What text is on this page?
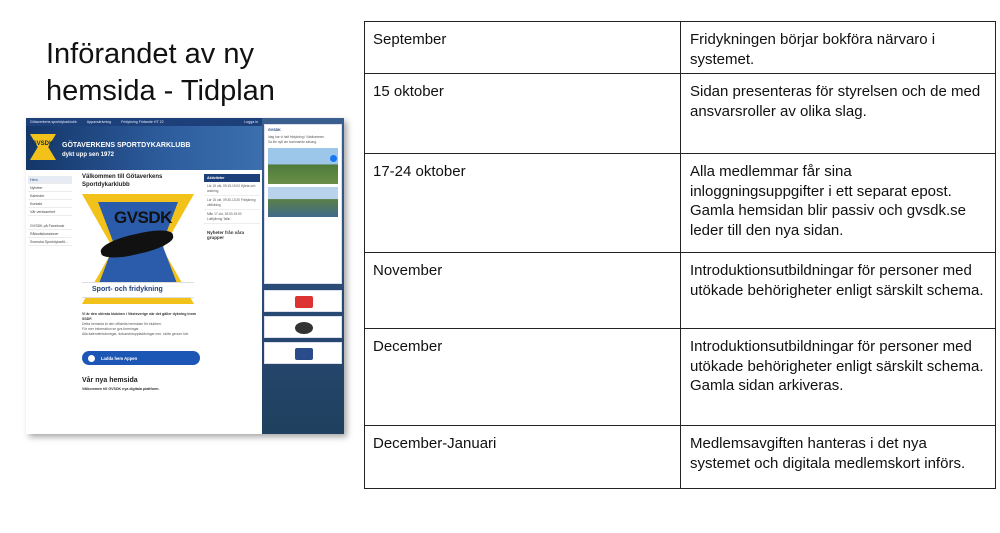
Införandet av ny hemsida - Tidplan
Götaverkens sportdykarklubb	Appavskrivning	Fridykning Fridande HT 22	Logga in
GVSDK GÖTAVERKENS SPORTDYKARKLUBB
dykt upp sen 1972
Hem
Nyheter
Kalender
Kontakt
Vår verksamhet
GVSDK på Facebook
Råbodiskussioner
Svenska Sportdykarfö...
Välkommen till Götaverkens Sportdykarklubb
GVSDK
Sport- och fridykning
Vi är den största klubben i Västsverige när det gäller dykning inom SSDF.
Detta hemsida är den officiella hemsidan för klubben.
För mer information se gvs.foreningar.
Alla kalenderbokningar, dokumentuppladdningar mm. sköts genom här.
Ladda hem Appen
Vår nya hemsida
Välkommen till GVSDK nya digitala plattform.
Aktiviteter
Lör 15 okt, 09:15-15:00 Hjärta och andning
Lör 15 okt, 09:30-13:30 Fridykning utbildning
Mån 17 okt, 18:00-19:00 Luftfyllning Tallin
Nyheter från våra grupper
GVSDK
Idag har vi haft fridykning i Västhamnen.
Sa lite nytt om kommande säsong.
September	Fridykningen börjar bokföra närvaro i systemet.

15 oktober	Sidan presenteras för styrelsen och de med ansvarsroller av olika slag.

17-24 oktober	Alla medlemmar får sina inloggningsuppgifter i ett separat epost.
Gamla hemsidan blir passiv och gvsdk.se leder till den nya sidan.

November	Introduktionsutbildningar för personer med utökade behörigheter enligt särskilt schema.

December	Introduktionsutbildningar för personer med utökade behörigheter enligt särskilt schema.
Gamla sidan arkiveras.

December-Januari	Medlemsavgiften hanteras i det nya systemet och digitala medlemskort införs.
